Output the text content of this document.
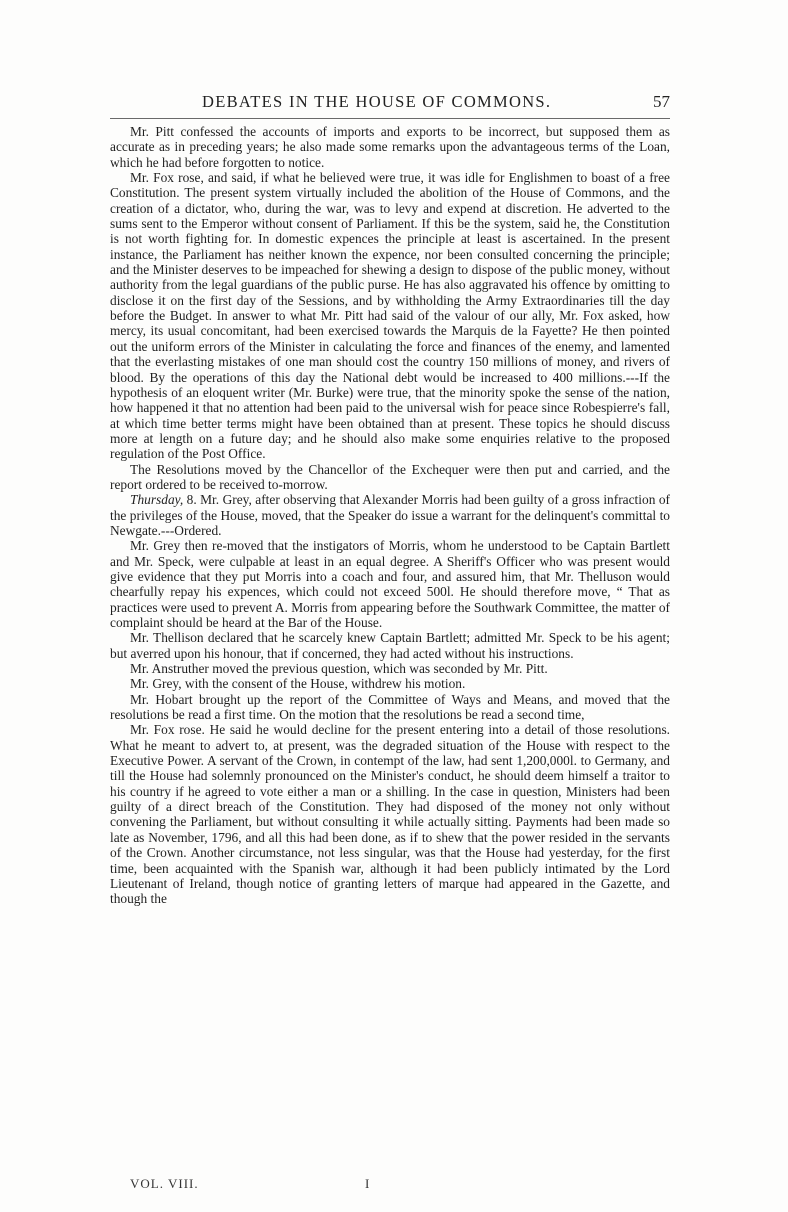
DEBATES IN THE HOUSE OF COMMONS.	57

Mr. Pitt confessed the accounts of imports and exports to be incorrect, but supposed them as accurate as in preceding years; he also made some remarks upon the advantageous terms of the Loan, which he had before forgotten to notice.

Mr. Fox rose, and said, if what he believed were true, it was idle for Englishmen to boast of a free Constitution. The present system virtually included the abolition of the House of Commons, and the creation of a dictator, who, during the war, was to levy and expend at discretion. He adverted to the sums sent to the Emperor without consent of Parliament. If this be the system, said he, the Constitution is not worth fighting for. In domestic expences the principle at least is ascertained. In the present instance, the Parliament has neither known the expence, nor been consulted concerning the principle; and the Minister deserves to be impeached for shewing a design to dispose of the public money, without authority from the legal guardians of the public purse. He has also aggravated his offence by omitting to disclose it on the first day of the Sessions, and by withholding the Army Extraordinaries till the day before the Budget. In answer to what Mr. Pitt had said of the valour of our ally, Mr. Fox asked, how mercy, its usual concomitant, had been exercised towards the Marquis de la Fayette? He then pointed out the uniform errors of the Minister in calculating the force and finances of the enemy, and lamented that the everlasting mistakes of one man should cost the country 150 millions of money, and rivers of blood. By the operations of this day the National debt would be increased to 400 millions.---If the hypothesis of an eloquent writer (Mr. Burke) were true, that the minority spoke the sense of the nation, how happened it that no attention had been paid to the universal wish for peace since Robespierre's fall, at which time better terms might have been obtained than at present. These topics he should discuss more at length on a future day; and he should also make some enquiries relative to the proposed regulation of the Post Office.

The Resolutions moved by the Chancellor of the Exchequer were then put and carried, and the report ordered to be received to-morrow.

Thursday, 8. Mr. Grey, after observing that Alexander Morris had been guilty of a gross infraction of the privileges of the House, moved, that the Speaker do issue a warrant for the delinquent's committal to Newgate.---Ordered.

Mr. Grey then re-moved that the instigators of Morris, whom he understood to be Captain Bartlett and Mr. Speck, were culpable at least in an equal degree. A Sheriff's Officer who was present would give evidence that they put Morris into a coach and four, and assured him, that Mr. Thelluson would chearfully repay his expences, which could not exceed 500l. He should therefore move, “ That as practices were used to prevent A. Morris from appearing before the Southwark Committee, the matter of complaint should be heard at the Bar of the House.

Mr. Thellison declared that he scarcely knew Captain Bartlett; admitted Mr. Speck to be his agent; but averred upon his honour, that if concerned, they had acted without his instructions.

Mr. Anstruther moved the previous question, which was seconded by Mr. Pitt.

Mr. Grey, with the consent of the House, withdrew his motion.

Mr. Hobart brought up the report of the Committee of Ways and Means, and moved that the resolutions be read a first time. On the motion that the resolutions be read a second time,

Mr. Fox rose. He said he would decline for the present entering into a detail of those resolutions. What he meant to advert to, at present, was the degraded situation of the House with respect to the Executive Power. A servant of the Crown, in contempt of the law, had sent 1,200,000l. to Germany, and till the House had solemnly pronounced on the Minister's conduct, he should deem himself a traitor to his country if he agreed to vote either a man or a shilling. In the case in question, Ministers had been guilty of a direct breach of the Constitution. They had disposed of the money not only without convening the Parliament, but without consulting it while actually sitting. Payments had been made so late as November, 1796, and all this had been done, as if to shew that the power resided in the servants of the Crown. Another circumstance, not less singular, was that the House had yesterday, for the first time, been acquainted with the Spanish war, although it had been publicly intimated by the Lord Lieutenant of Ireland, though notice of granting letters of marque had appeared in the Gazette, and though the

VOL. VIII.	I
